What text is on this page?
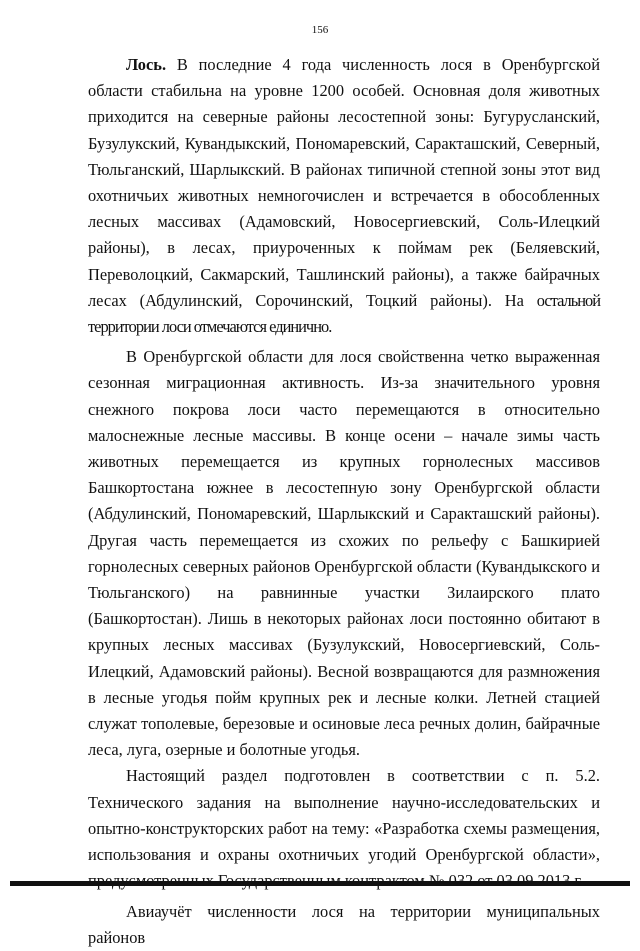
156

Лось. В последние 4 года численность лося в Оренбургской области стабильна на уровне 1200 особей. Основная доля животных приходится на северные районы лесостепной зоны: Бугурусланский, Бузулукский, Кувандыкский, Пономаревский, Саракташский, Северный, Тюльганский, Шарлыкский. В районах типичной степной зоны этот вид охотничьих животных немногочислен и встречается в обособленных лесных массивах (Адамовский, Новосергиевский, Соль-Илецкий районы), в лесах, приуроченных к поймам рек (Беляевский, Переволоцкий, Сакмарский, Ташлинский районы), а также байрачных лесах (Абдулинский, Сорочинский, Тоцкий районы). На остальной территории лоси отмечаются единично.

В Оренбургской области для лося свойственна четко выраженная сезонная миграционная активность. Из-за значительного уровня снежного покрова лоси часто перемещаются в относительно малоснежные лесные массивы. В конце осени – начале зимы часть животных перемещается из крупных горнолесных массивов Башкортостана южнее в лесостепную зону Оренбургской области (Абдулинский, Пономаревский, Шарлыкский и Саракташский районы). Другая часть перемещается из схожих по рельефу с Башкирией горнолесных северных районов Оренбургской области (Кувандыкского и Тюльганского) на равнинные участки Зилаирского плато (Башкортостан). Лишь в некоторых районах лоси постоянно обитают в крупных лесных массивах (Бузулукский, Новосергиевский, Соль-Илецкий, Адамовский районы). Весной возвращаются для размножения в лесные угодья пойм крупных рек и лесные колки. Летней стацией служат тополевые, березовые и осиновые леса речных долин, байрачные леса, луга, озерные и болотные угодья.

Настоящий раздел подготовлен в соответствии с п. 5.2. Технического задания на выполнение научно-исследовательских и опытно-конструкторских работ на тему: «Разработка схемы размещения, использования и охраны охотничьих угодий Оренбургской области»,

Авиаучёт численности лося на территории муниципальных районов
